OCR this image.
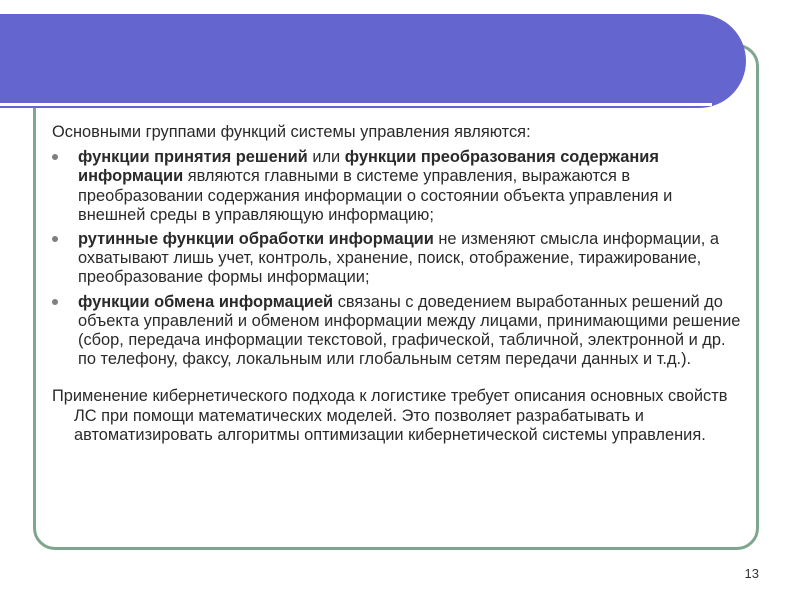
Основными группами функций системы управления являются:

функции принятия решений или функции преобразования содержания информации являются главными в системе управления, выражаются в преобразовании содержания информации о состоянии объекта управления и внешней среды в управляющую информацию;
рутинные функции обработки информации не изменяют смысла информации, а охватывают лишь учет, контроль, хранение, поиск, отображение, тиражирование, преобразование формы информации;
функции обмена информацией связаны с доведением выработанных решений до объекта управлений и обменом информации между лицами, принимающими решение (сбор, передача информации текстовой, графической, табличной, электронной и др. по телефону, факсу, локальным или глобальным сетям передачи данных и т.д.).

Применение кибернетического подхода к логистике требует описания основных свойств ЛС при помощи математических моделей. Это позволяет разрабатывать и автоматизировать алгоритмы оптимизации кибернетической системы управления.

13
